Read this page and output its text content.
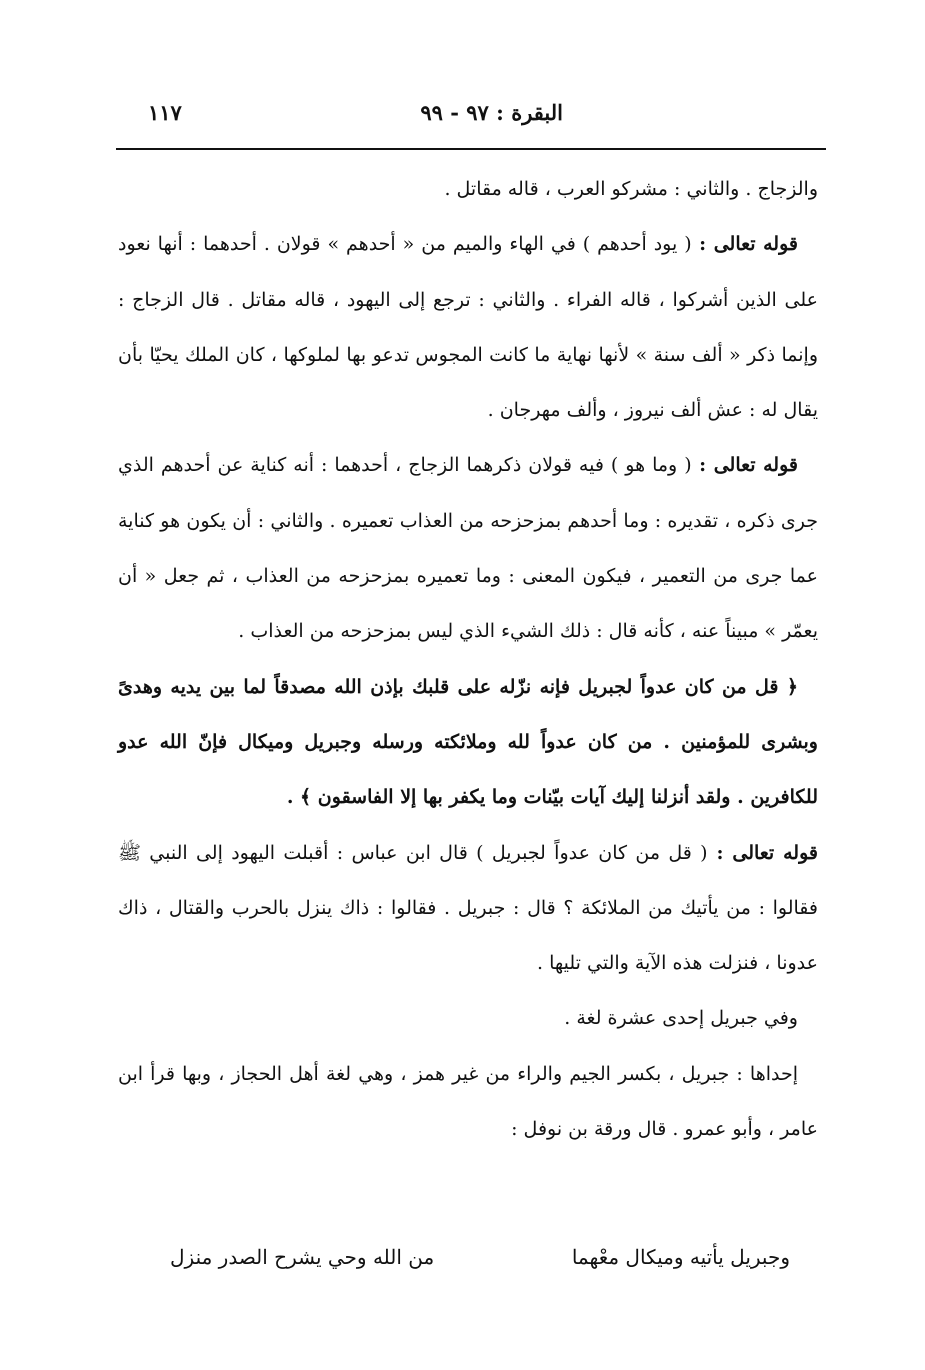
البقرة : ٩٧ - ٩٩
١١٧

والزجاج . والثاني : مشركو العرب ، قاله مقاتل .

قوله تعالى : ( يود أحدهم ) في الهاء والميم من « أحدهم » قولان . أحدهما : أنها نعود على الذين أشركوا ، قاله الفراء . والثاني : ترجع إلى اليهود ، قاله مقاتل . قال الزجاج : وإنما ذكر « ألف سنة » لأنها نهاية ما كانت المجوس تدعو بها لملوكها ، كان الملك يحيّا بأن يقال له : عش ألف نيروز ، وألف مهرجان .

قوله تعالى : ( وما هو ) فيه قولان ذكرهما الزجاج ، أحدهما : أنه كناية عن أحدهم الذي جرى ذكره ، تقديره : وما أحدهم بمزحزحه من العذاب تعميره . والثاني : أن يكون هو كناية عما جرى من التعمير ، فيكون المعنى : وما تعميره بمزحزحه من العذاب ، ثم جعل « أن يعمّر » مبيناً عنه ، كأنه قال : ذلك الشيء الذي ليس بمزحزحه من العذاب .

﴿ قل من كان عدواً لجبريل فإنه نزّله على قلبك بإذن الله مصدقاً لما بين يديه وهدىً وبشرى للمؤمنين . من كان عدواً لله وملائكته ورسله وجبريل وميكال فإنّ الله عدو للكافرين . ولقد أنزلنا إليك آيات بيّنات وما يكفر بها إلا الفاسقون ﴾ .

قوله تعالى : ( قل من كان عدواً لجبريل ) قال ابن عباس : أقبلت اليهود إلى النبي ﷺ فقالوا : من يأتيك من الملائكة ؟ قال : جبريل . فقالوا : ذاك ينزل بالحرب والقتال ، ذاك عدونا ، فنزلت هذه الآية والتي تليها .

وفي جبريل إحدى عشرة لغة .

إحداها : جبريل ، بكسر الجيم والراء من غير همز ، وهي لغة أهل الحجاز ، وبها قرأ ابن عامر ، وأبو عمرو . قال ورقة بن نوفل :

وجبريل يأتيه وميكال معْهما
من الله وحي يشرح الصدر منزل
